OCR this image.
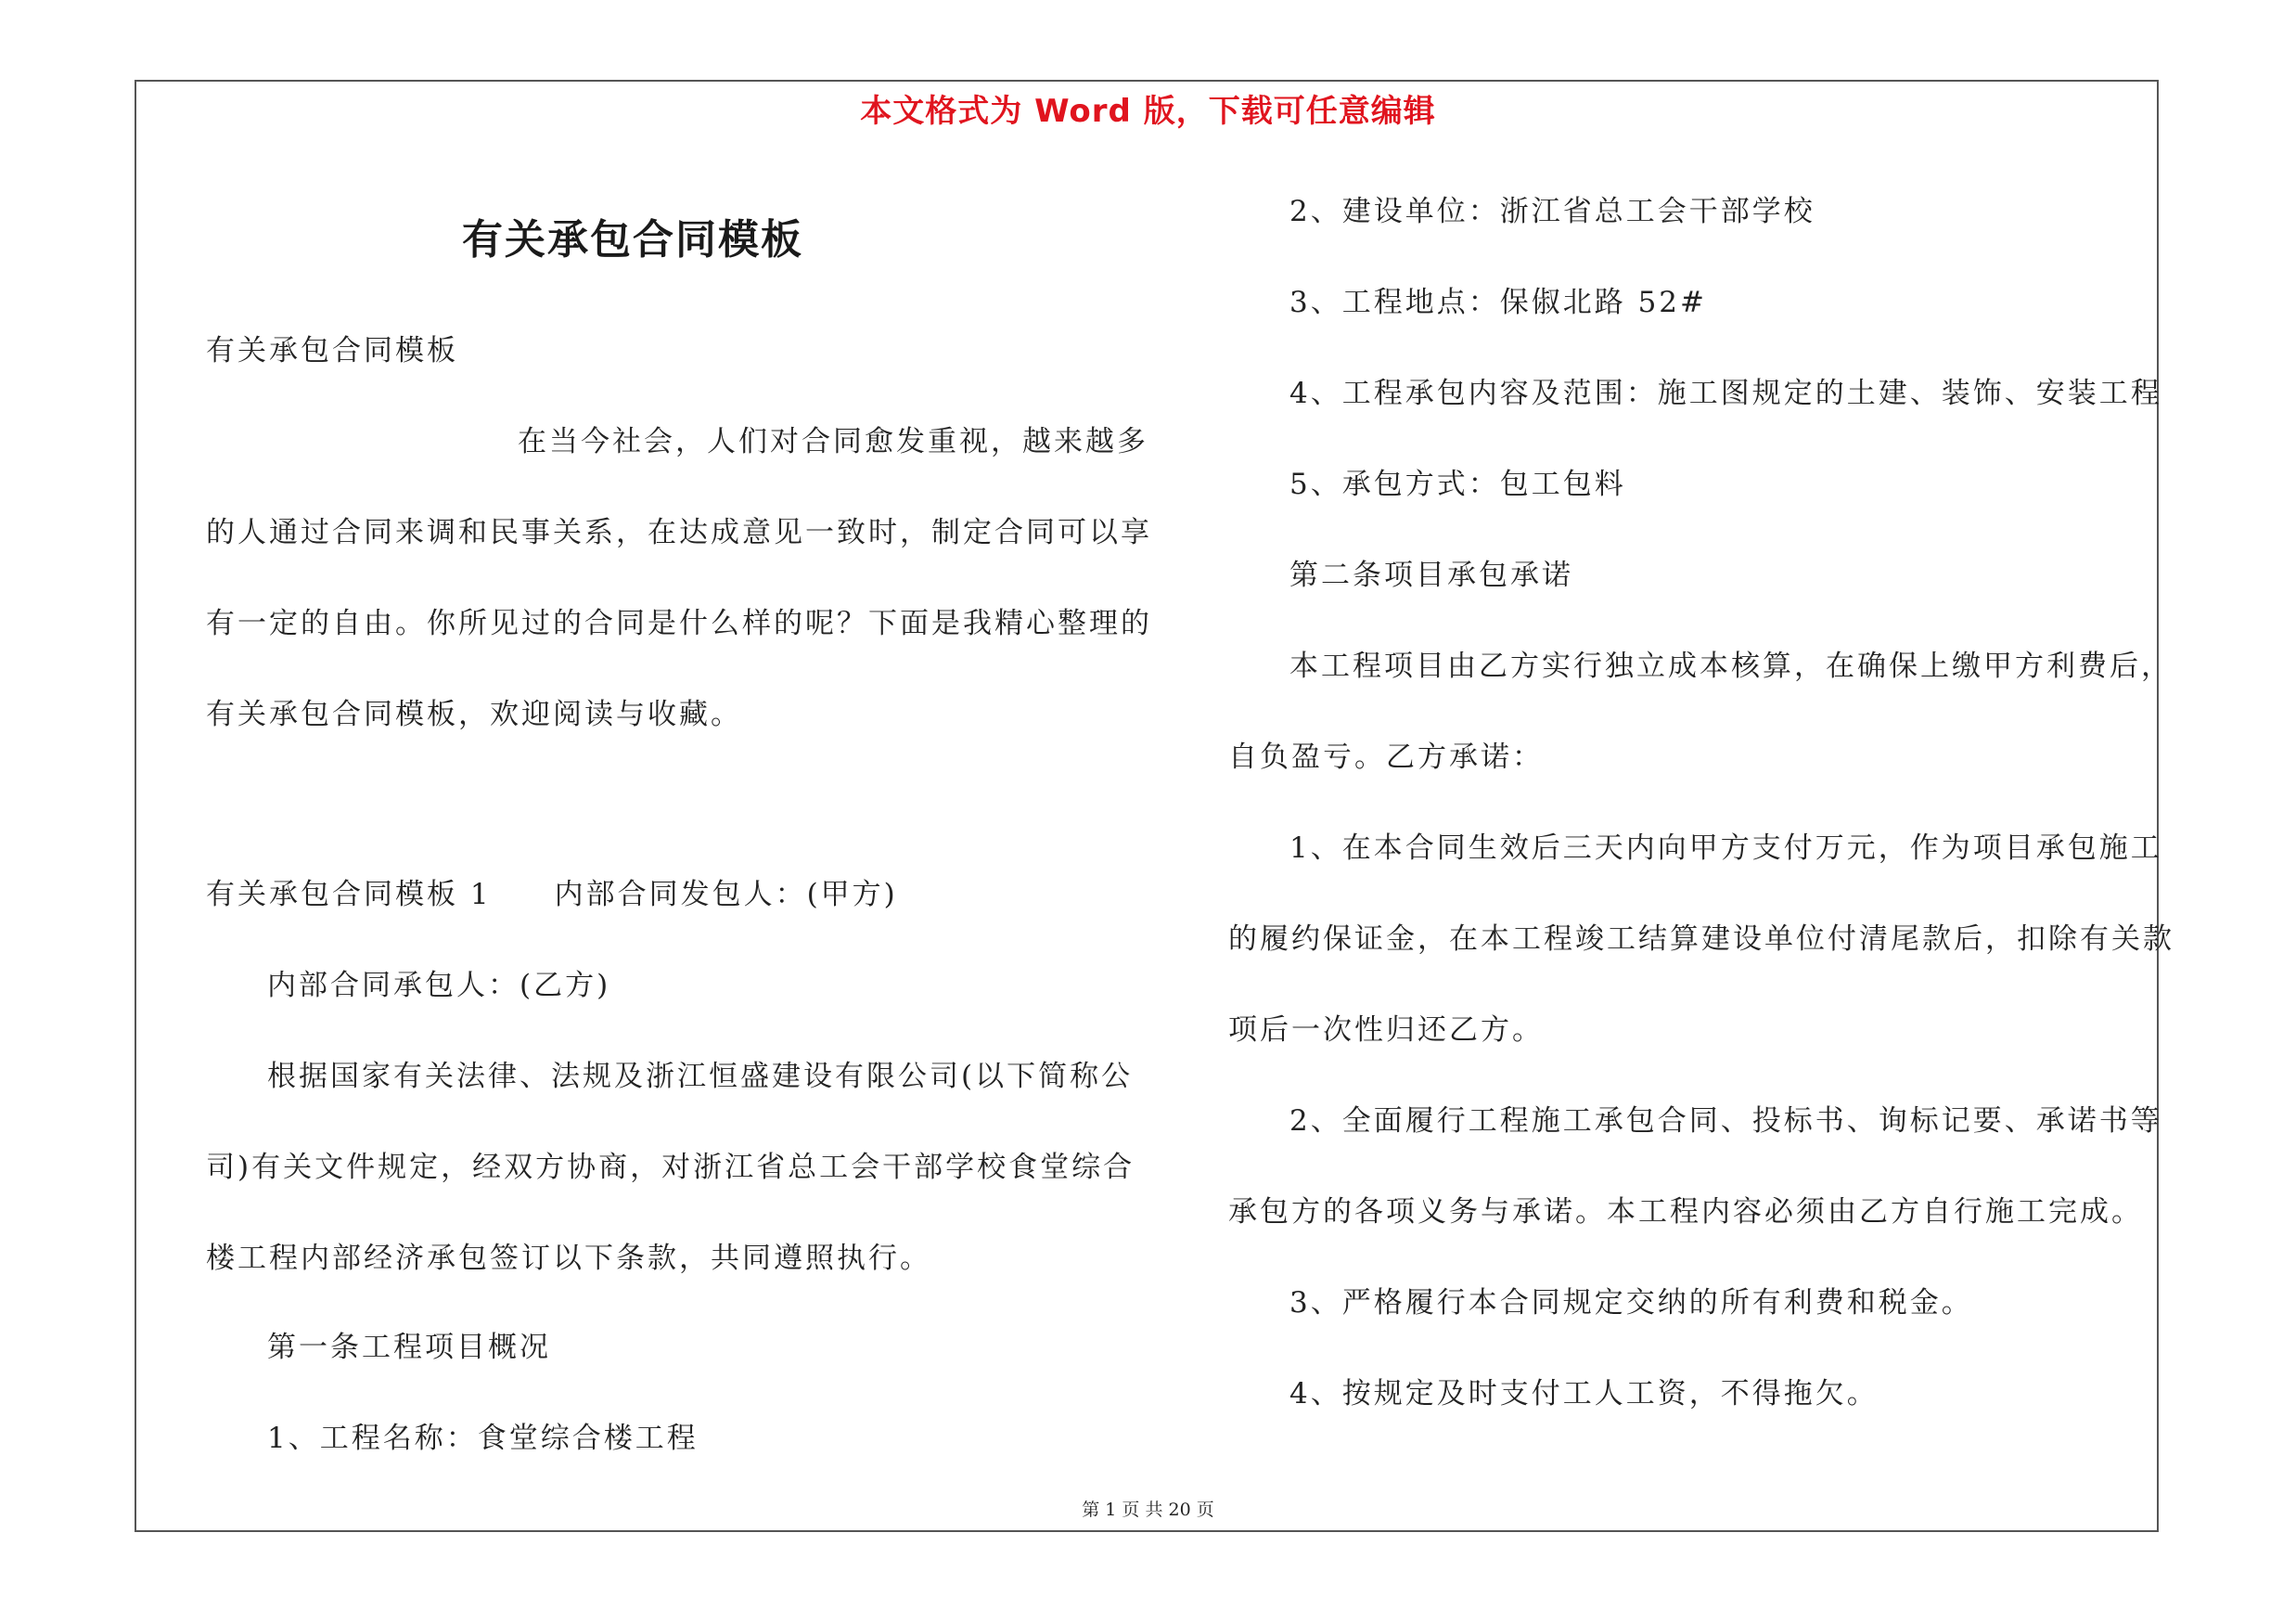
本文格式为 Word 版，下载可任意编辑
有关承包合同模板
有关承包合同模板
在当今社会，人们对合同愈发重视，越来越多
的人通过合同来调和民事关系，在达成意见一致时，制定合同可以享
有一定的自由。你所见过的合同是什么样的呢？下面是我精心整理的
有关承包合同模板，欢迎阅读与收藏。
有关承包合同模板 1　　内部合同发包人：(甲方)
内部合同承包人：(乙方)
根据国家有关法律、法规及浙江恒盛建设有限公司(以下简称公
司)有关文件规定，经双方协商，对浙江省总工会干部学校食堂综合
楼工程内部经济承包签订以下条款，共同遵照执行。
第一条工程项目概况
1、工程名称：食堂综合楼工程
2、建设单位：浙江省总工会干部学校
3、工程地点：保俶北路 52#
4、工程承包内容及范围：施工图规定的土建、装饰、安装工程
5、承包方式：包工包料
第二条项目承包承诺
本工程项目由乙方实行独立成本核算，在确保上缴甲方利费后，
自负盈亏。乙方承诺：
1、在本合同生效后三天内向甲方支付万元，作为项目承包施工
的履约保证金，在本工程竣工结算建设单位付清尾款后，扣除有关款
项后一次性归还乙方。
2、全面履行工程施工承包合同、投标书、询标记要、承诺书等
承包方的各项义务与承诺。本工程内容必须由乙方自行施工完成。
3、严格履行本合同规定交纳的所有利费和税金。
4、按规定及时支付工人工资，不得拖欠。
第 1 页 共 20 页
